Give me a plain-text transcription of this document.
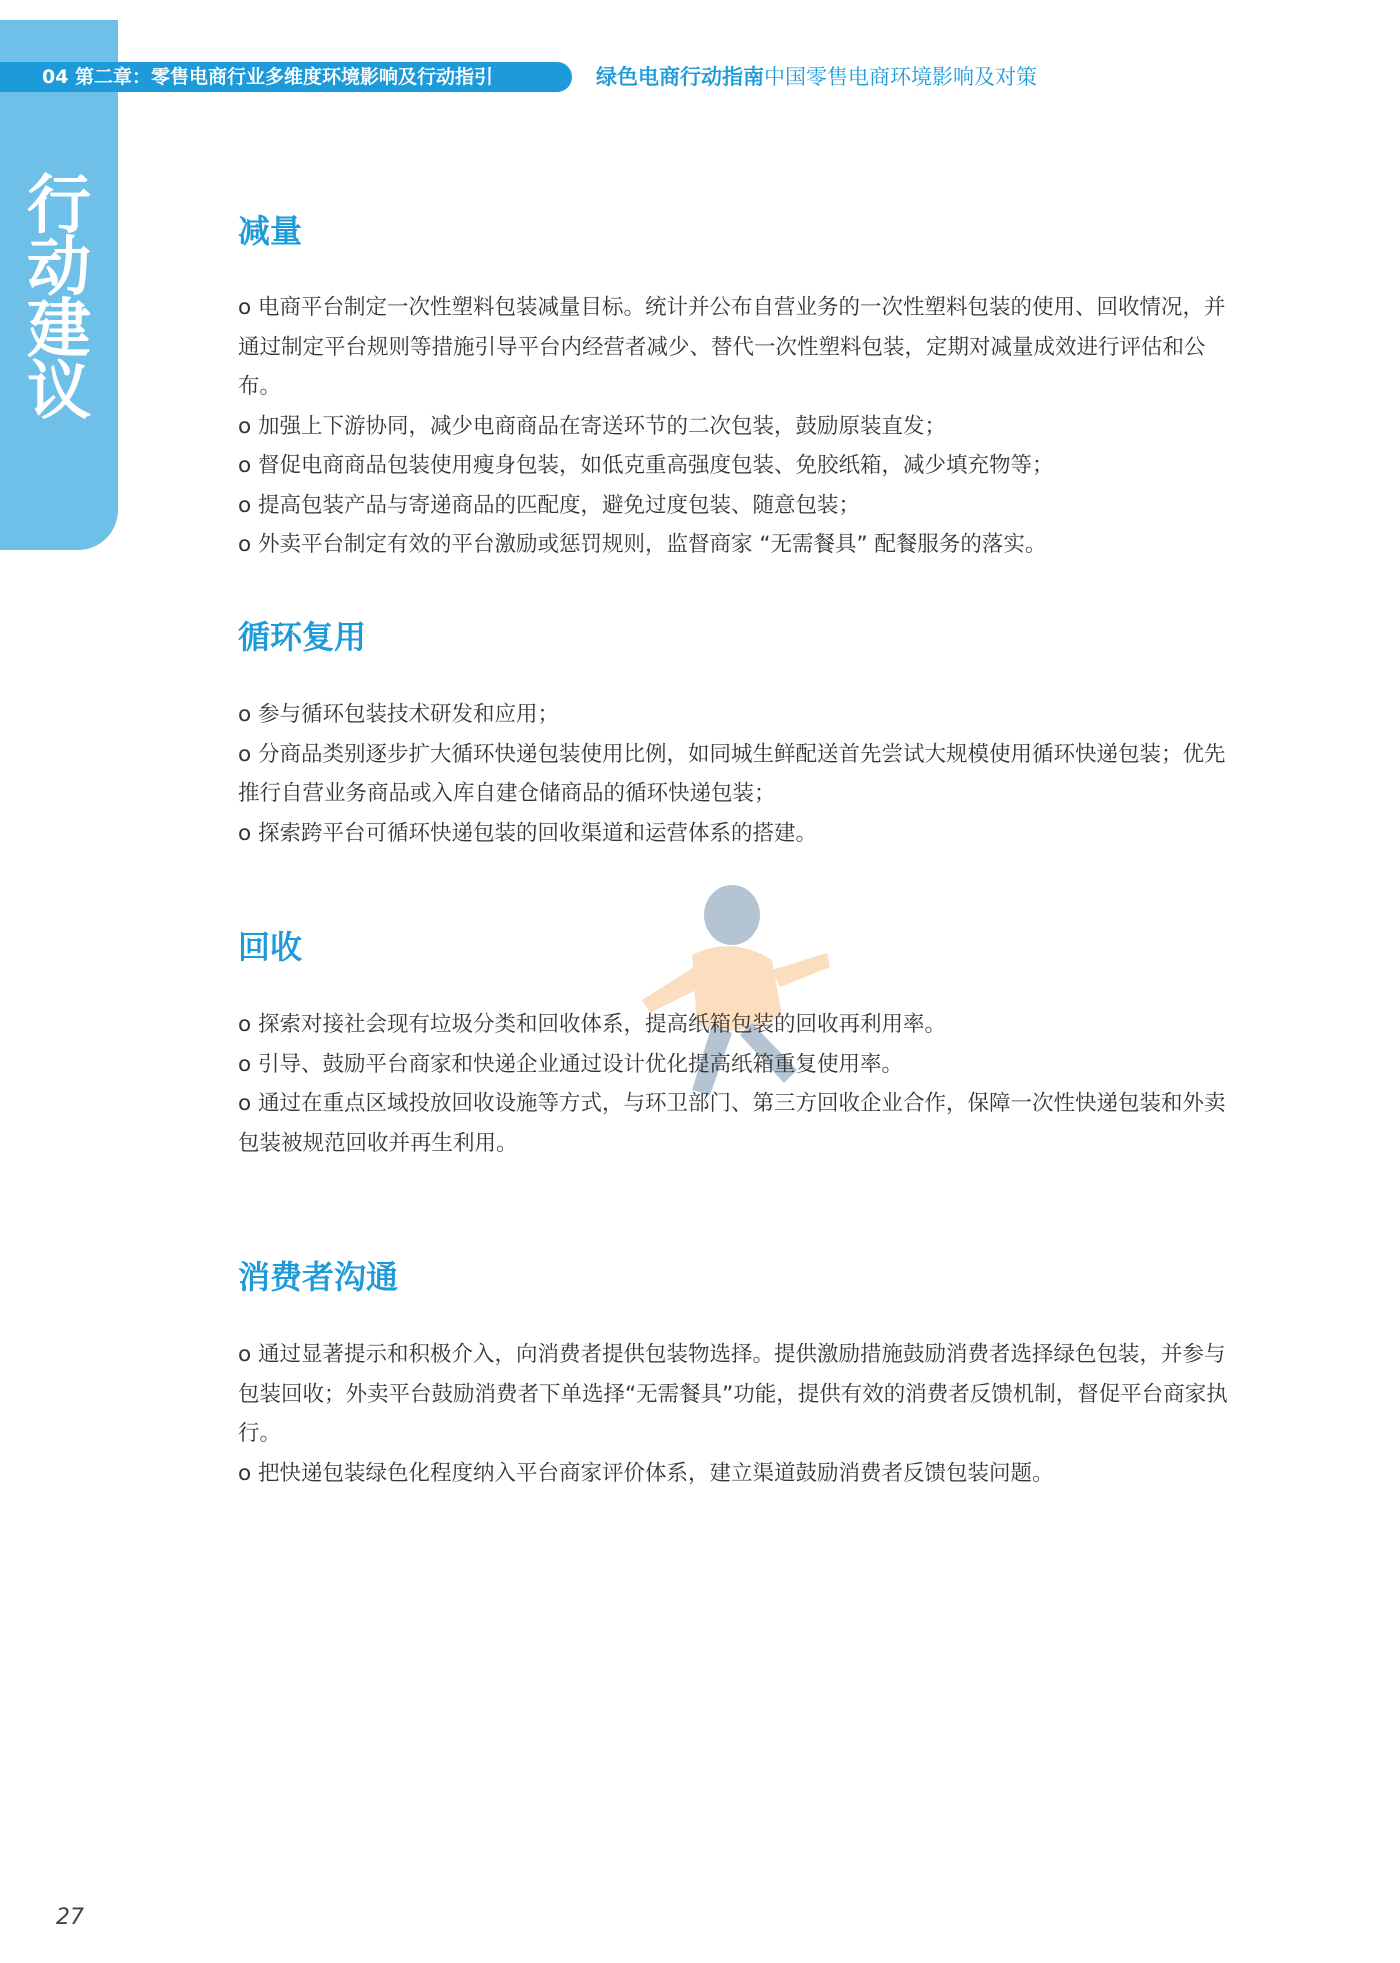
行
动
建
议
04 第二章：零售电商行业多维度环境影响及行动指引	绿色电商行动指南中国零售电商环境影响及对策
减量

o 电商平台制定一次性塑料包装减量目标。统计并公布自营业务的一次性塑料包装的使用、回收情况，并通过制定平台规则等措施引导平台内经营者减少、替代一次性塑料包装，定期对减量成效进行评估和公布。

o 加强上下游协同，减少电商商品在寄送环节的二次包装，鼓励原装直发；

o 督促电商商品包装使用瘦身包装，如低克重高强度包装、免胶纸箱，减少填充物等；

o 提高包装产品与寄递商品的匹配度，避免过度包装、随意包装；

o 外卖平台制定有效的平台激励或惩罚规则，监督商家 “无需餐具” 配餐服务的落实。

循环复用

o 参与循环包装技术研发和应用；

o 分商品类别逐步扩大循环快递包装使用比例，如同城生鲜配送首先尝试大规模使用循环快递包装；优先推行自营业务商品或入库自建仓储商品的循环快递包装；

o 探索跨平台可循环快递包装的回收渠道和运营体系的搭建。

回收

o 探索对接社会现有垃圾分类和回收体系，提高纸箱包装的回收再利用率。

o 引导、鼓励平台商家和快递企业通过设计优化提高纸箱重复使用率。

o 通过在重点区域投放回收设施等方式，与环卫部门、第三方回收企业合作，保障一次性快递包装和外卖包装被规范回收并再生利用。

消费者沟通

o 通过显著提示和积极介入，向消费者提供包装物选择。提供激励措施鼓励消费者选择绿色包装，并参与包装回收；外卖平台鼓励消费者下单选择“无需餐具”功能，提供有效的消费者反馈机制，督促平台商家执行。

o 把快递包装绿色化程度纳入平台商家评价体系，建立渠道鼓励消费者反馈包装问题。

27
